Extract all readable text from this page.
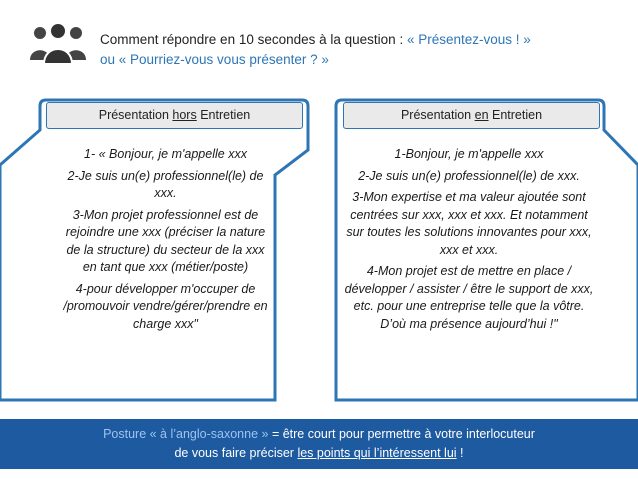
Comment répondre en 10 secondes à la question : « Présentez-vous ! »
ou « Pourriez-vous vous présenter ? »
Présentation hors Entretien	Présentation en Entretien

1- « Bonjour, je m'appelle xxx

2-Je suis un(e) professionnel(le) de xxx.

3-Mon projet professionnel est de rejoindre une xxx (préciser la nature de la structure) du secteur de la xxx en tant que xxx (métier/poste)

4-pour développer m'occuper de /promouvoir vendre/gérer/prendre en charge xxx"

1-Bonjour, je m'appelle xxx

2-Je suis un(e) professionnel(le) de xxx.

3-Mon expertise et ma valeur ajoutée sont centrées sur xxx, xxx et xxx. Et notamment sur toutes les solutions innovantes pour xxx, xxx et xxx.

4-Mon projet est de mettre en place / développer / assister / être le support de xxx, etc. pour une entreprise telle que la vôtre. D’où ma présence aujourd’hui !"

Posture « à l’anglo-saxonne » = être court pour permettre à votre interlocuteur
de vous faire préciser les points qui l’intéressent lui !
